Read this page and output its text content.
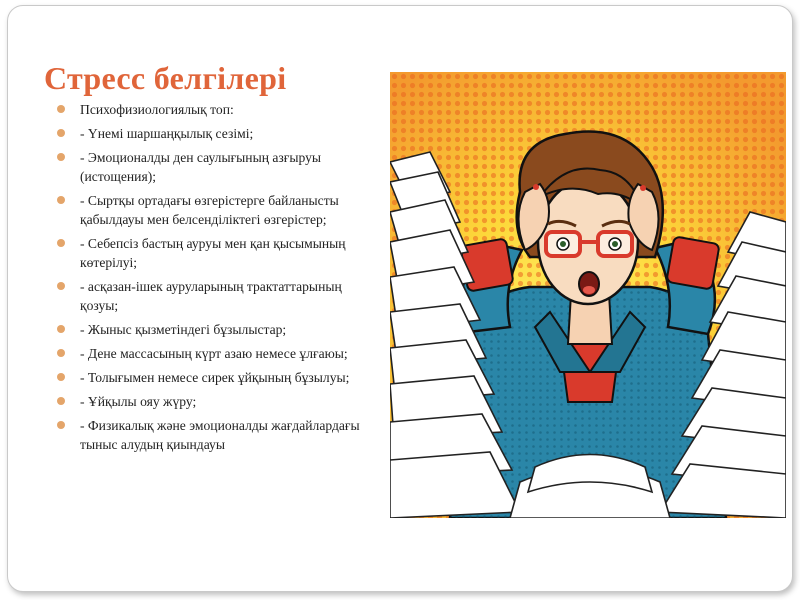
Стресс белгілері
Психофизиологиялық топ:
- Үнемі шаршаңқылық сезімі;
- Эмоционалды ден саулығының азғыруы (истощения);
- Сыртқы ортадағы өзгерістерге байланысты қабылдауы мен белсенділіктегі өзгерістер;
- Себепсіз бастың ауруы мен қан қысымының көтерілуі;
- асқазан-ішек ауруларының трактаттарының қозуы;
- Жыныс қызметіндегі бұзылыстар;
- Дене массасының күрт азаю немесе ұлғаюы;
- Толығымен немесе сирек ұйқының бұзылуы;
- Ұйқылы ояу жүру;
- Физикалық және эмоционалды жағдайлардағы тыныс алудың қиындауы
